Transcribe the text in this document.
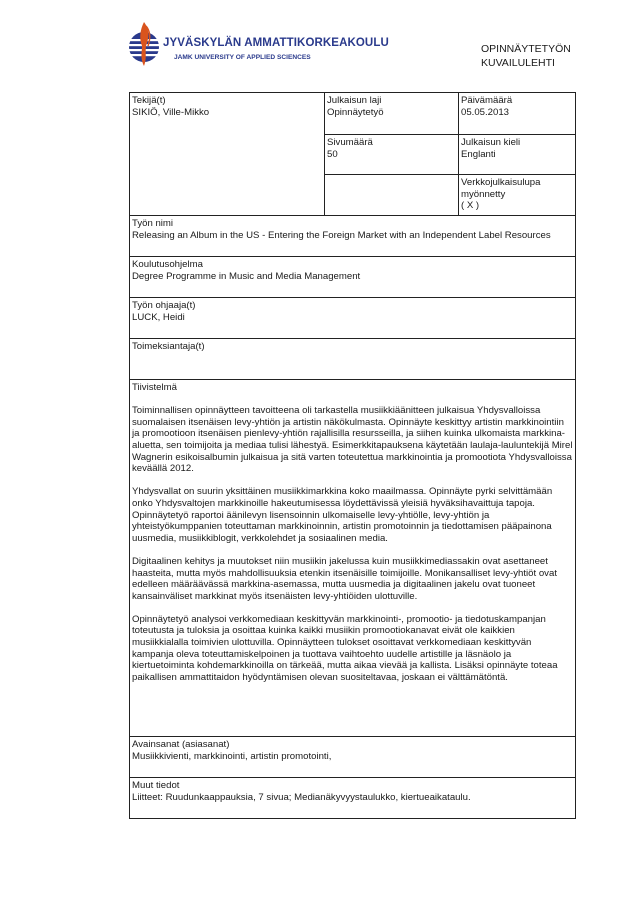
JYVÄSKYLÄN AMMATTIKORKEAKOULU
JAMK UNIVERSITY OF APPLIED SCIENCES
OPINNÄYTETYÖN
KUVAILULEHTI
Tekijä(t)
SIKIÖ, Ville-Mikko
Julkaisun laji
Opinnäytetyö
Päivämäärä
05.05.2013
Sivumäärä
50
Julkaisun kieli
Englanti
Verkkojulkaisulupa
myönnetty
( X )
Työn nimi
Releasing an Album in the US - Entering the Foreign Market with an Independent Label Resources
Koulutusohjelma
Degree Programme in Music and Media Management
Työn ohjaaja(t)
LUCK, Heidi
Toimeksiantaja(t)

Tiivistelmä

Toiminnallisen opinnäytteen tavoitteena oli tarkastella musiikkiäänitteen julkaisua Yhdysvalloissa suomalaisen itsenäisen levy-yhtiön ja artistin näkökulmasta. Opinnäyte keskittyy artistin markkinointiin ja promootioon itsenäisen pienlevy-yhtiön rajallisilla resursseilla, ja siihen kuinka ulkomaista markkina-aluetta, sen toimijoita ja mediaa tulisi lähestyä. Esimerkkitapauksena käytetään laulaja-lauluntekijä Mirel Wagnerin esikoisalbumin julkaisua ja sitä varten toteutettua markkinointia ja promootiota Yhdysvalloissa keväällä 2012.

Yhdysvallat on suurin yksittäinen musiikkimarkkina koko maailmassa. Opinnäyte pyrki selvittämään onko Yhdysvaltojen markkinoille hakeutumisessa löydettävissä yleisiä hyväksihavaittuja tapoja. Opinnäytetyö raportoi äänilevyn lisensoinnin ulkomaiselle levy-yhtiölle, levy-yhtiön ja yhteistyökumppanien toteuttaman markkinoinnin, artistin promotoinnin ja tiedottamisen pääpainona uusmedia, musiikkiblogit, verkkolehdet ja sosiaalinen media.

Digitaalinen kehitys ja muutokset niin musiikin jakelussa kuin musiikkimediassakin ovat asettaneet haasteita, mutta myös mahdollisuuksia etenkin itsenäisille toimijoille. Monikansalliset levy-yhtiöt ovat edelleen määräävässä markkina-asemassa, mutta uusmedia ja digitaalinen jakelu ovat tuoneet kansainväliset markkinat myös itsenäisten levy-yhtiöiden ulottuville.

Opinnäytetyö analysoi verkkomediaan keskittyvän markkinointi-, promootio- ja tiedotuskampanjan toteutusta ja tuloksia ja osoittaa kuinka kaikki musiikin promootiokanavat eivät ole kaikkien musiikkialalla toimivien ulottuvilla. Opinnäytteen tulokset osoittavat verkkomediaan keskittyvän kampanja oleva toteuttamiskelpoinen ja tuottava vaihtoehto uudelle artistille ja läsnäolo ja kiertuetoiminta kohdemarkkinoilla on tärkeää, mutta aikaa vievää ja kallista. Lisäksi opinnäyte toteaa paikallisen ammattitaidon hyödyntämisen olevan suositeltavaa, joskaan ei välttämätöntä.

Avainsanat (asiasanat)
Musiikkivienti, markkinointi, artistin promotointi,
Muut tiedot
Liitteet: Ruudunkaappauksia, 7 sivua; Medianäkyvyystaulukko, kiertueaikataulu.
